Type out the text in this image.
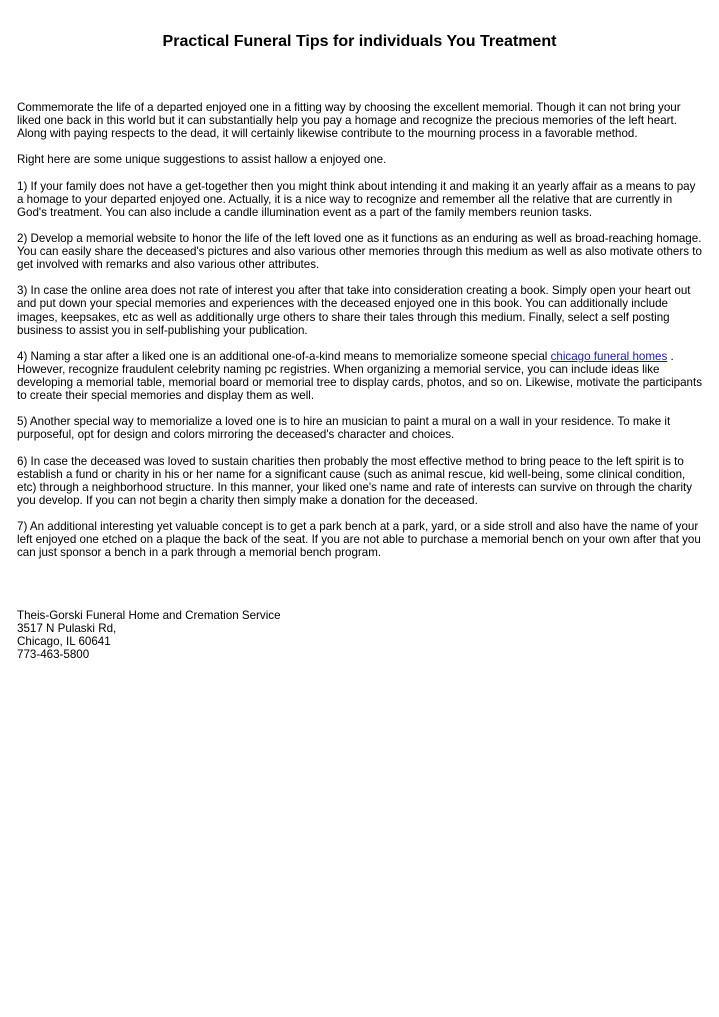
Practical Funeral Tips for individuals You Treatment

Commemorate the life of a departed enjoyed one in a fitting way by choosing the excellent memorial. Though it can not bring your liked one back in this world but it can substantially help you pay a homage and recognize the precious memories of the left heart. Along with paying respects to the dead, it will certainly likewise contribute to the mourning process in a favorable method.

Right here are some unique suggestions to assist hallow a enjoyed one.

1) If your family does not have a get-together then you might think about intending it and making it an yearly affair as a means to pay a homage to your departed enjoyed one. Actually, it is a nice way to recognize and remember all the relative that are currently in God's treatment. You can also include a candle illumination event as a part of the family members reunion tasks.

2) Develop a memorial website to honor the life of the left loved one as it functions as an enduring as well as broad-reaching homage. You can easily share the deceased's pictures and also various other memories through this medium as well as also motivate others to get involved with remarks and also various other attributes.

3) In case the online area does not rate of interest you after that take into consideration creating a book. Simply open your heart out and put down your special memories and experiences with the deceased enjoyed one in this book. You can additionally include images, keepsakes, etc as well as additionally urge others to share their tales through this medium. Finally, select a self posting business to assist you in self-publishing your publication.

4) Naming a star after a liked one is an additional one-of-a-kind means to memorialize someone special chicago funeral homes . However, recognize fraudulent celebrity naming pc registries. When organizing a memorial service, you can include ideas like developing a memorial table, memorial board or memorial tree to display cards, photos, and so on. Likewise, motivate the participants to create their special memories and display them as well.

5) Another special way to memorialize a loved one is to hire an musician to paint a mural on a wall in your residence. To make it purposeful, opt for design and colors mirroring the deceased's character and choices.

6) In case the deceased was loved to sustain charities then probably the most effective method to bring peace to the left spirit is to establish a fund or charity in his or her name for a significant cause (such as animal rescue, kid well-being, some clinical condition, etc) through a neighborhood structure. In this manner, your liked one's name and rate of interests can survive on through the charity you develop. If you can not begin a charity then simply make a donation for the deceased.

7) An additional interesting yet valuable concept is to get a park bench at a park, yard, or a side stroll and also have the name of your left enjoyed one etched on a plaque the back of the seat. If you are not able to purchase a memorial bench on your own after that you can just sponsor a bench in a park through a memorial bench program.

Theis-Gorski Funeral Home and Cremation Service
3517 N Pulaski Rd,
Chicago, IL 60641
773-463-5800
